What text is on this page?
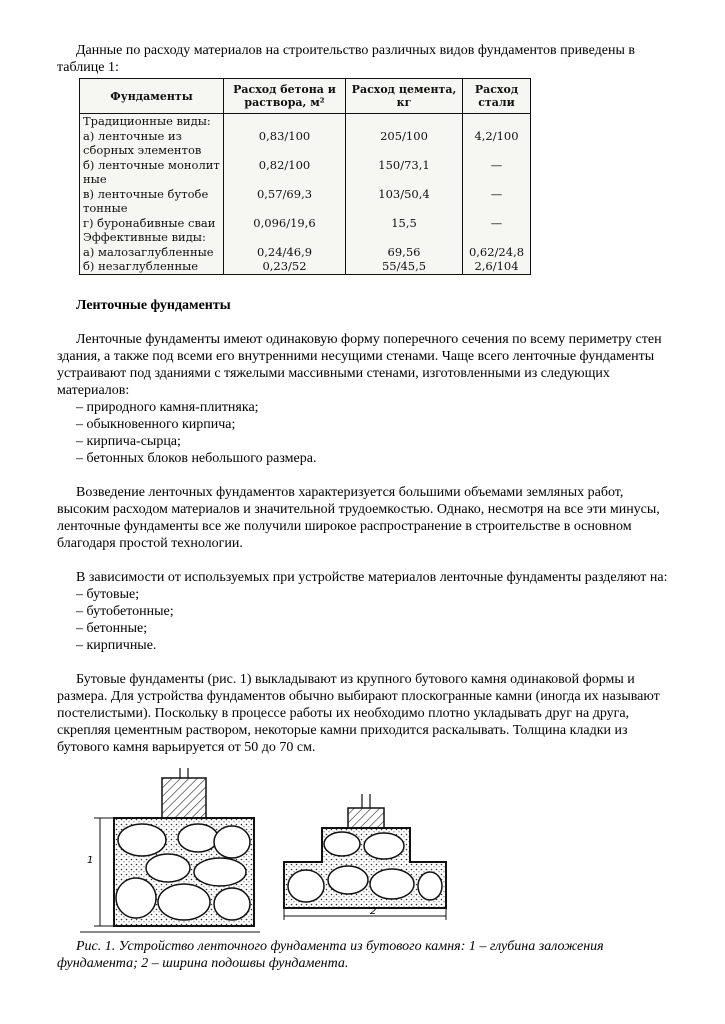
Данные по расходу материалов на строительство различных видов фундаментов приведены в таблице 1:

Фундаменты	Расход бетона и раствора, м²	Расход цемента, кг	Расход стали

Традиционные виды:			

а) ленточные из	0,83/100	205/100	4,2/100

сборных элементов			

б) ленточные монолит	0,82/100	150/73,1	—

ные			

в) ленточные бутобе	0,57/69,3	103/50,4	—

тонные			

г) буронабивные сваи	0,096/19,6	15,5	—

Эффективные виды:			

а) малозаглубленные	0,24/46,9	69,56	0,62/24,8

б) незаглубленные	0,23/52	55/45,5	2,6/104
Ленточные фундаменты

Ленточные фундаменты имеют одинаковую форму поперечного сечения по всему периметру стен здания, а также под всеми его внутренними несущими стенами. Чаще всего ленточные фундаменты устраивают под зданиями с тяжелыми массивными стенами, изготовленными из следующих материалов:

– природного камня-плитняка;
– обыкновенного кирпича;
– кирпича-сырца;
– бетонных блоков небольшого размера.

Возведение ленточных фундаментов характеризуется большими объемами земляных работ, высоким расходом материалов и значительной трудоемкостью. Однако, несмотря на все эти минусы, ленточные фундаменты все же получили широкое распространение в строительстве в основном благодаря простой технологии.

В зависимости от используемых при устройстве материалов ленточные фундаменты разделяют на:

– бутовые;
– бутобетонные;
– бетонные;
– кирпичные.

Бутовые фундаменты (рис. 1) выкладывают из крупного бутового камня одинаковой формы и размера. Для устройства фундаментов обычно выбирают плоскогранные камни (иногда их называют постелистыми). Поскольку в процессе работы их необходимо плотно укладывать друг на друга, скрепляя цементным раствором, некоторые камни приходится раскалывать. Толщина кладки из бутового камня варьируется от 50 до 70 см.

1
2

Рис. 1. Устройство ленточного фундамента из бутового камня: 1 – глубина заложения фундамента; 2 – ширина подошвы фундамента.
